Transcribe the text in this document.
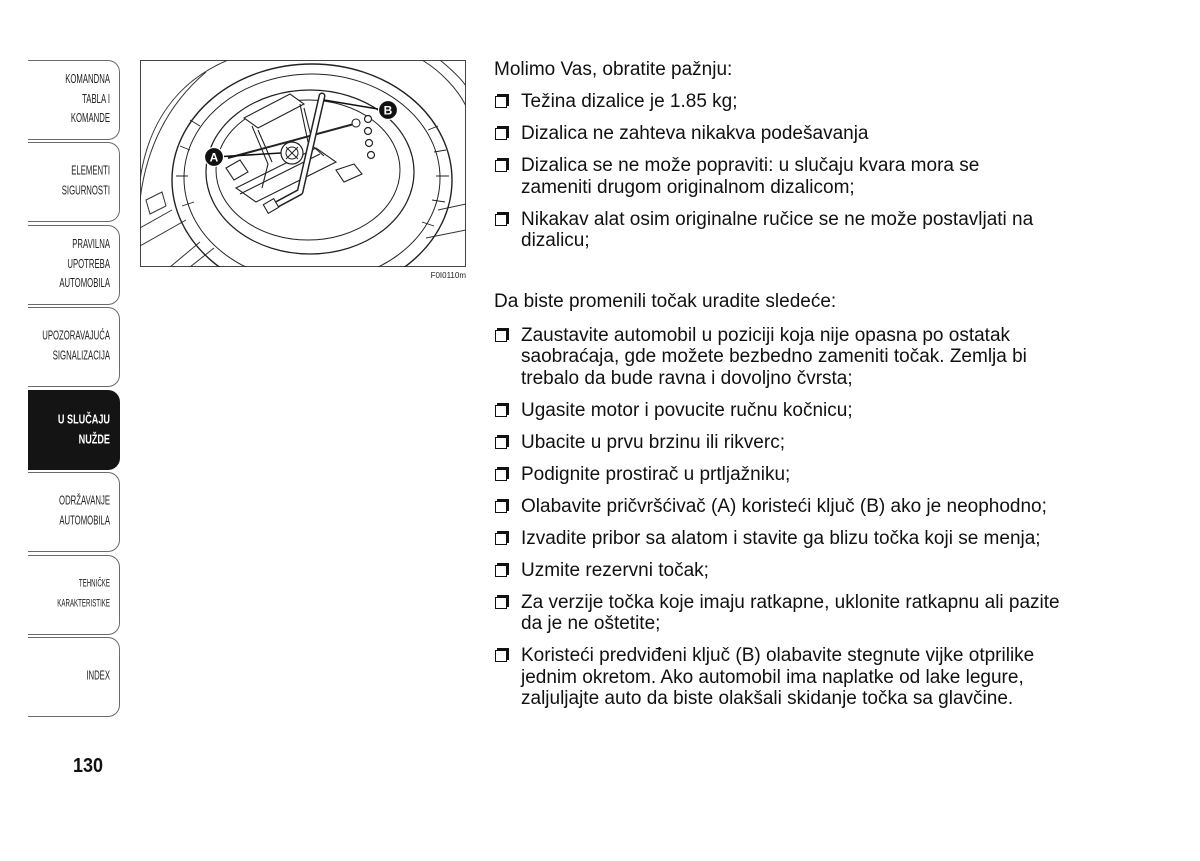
KOMANDNA
TABLA I
KOMANDE
ELEMENTI
SIGURNOSTI
PRAVILNA
UPOTREBA
AUTOMOBILA
UPOZORAVAJUĆA
SIGNALIZACIJA
U SLUČAJU
NUŽDE
ODRŽAVANJE
AUTOMOBILA
TEHNIČKE
KARAKTERISTIKE
INDEX
130
A
B
F0I0110m

Molimo Vas, obratite pažnju:

Težina dizalice je 1.85 kg;
Dizalica ne zahteva nikakva podešavanja
Dizalica se ne može popraviti: u slučaju kvara mora se
zameniti drugom originalnom dizalicom;
Nikakav alat osim originalne ručice se ne može postavljati na
dizalicu;

Da biste promenili točak uradite sledeće:

Zaustavite automobil u poziciji koja nije opasna po ostatak
saobraćaja, gde možete bezbedno zameniti točak. Zemlja bi
trebalo da bude ravna i dovoljno čvrsta;
Ugasite motor i povucite ručnu kočnicu;
Ubacite u prvu brzinu ili rikverc;
Podignite prostirač u prtljažniku;
Olabavite pričvršćivač (A) koristeći ključ (B) ako je neophodno;
Izvadite pribor sa alatom i stavite ga blizu točka koji se menja;
Uzmite rezervni točak;
Za verzije točka koje imaju ratkapne, uklonite ratkapnu ali pazite
da je ne oštetite;
Koristeći predviđeni ključ (B) olabavite stegnute vijke otprilike
jednim okretom. Ako automobil ima naplatke od lake legure,
zaljuljajte auto da biste olakšali skidanje točka sa glavčine.
